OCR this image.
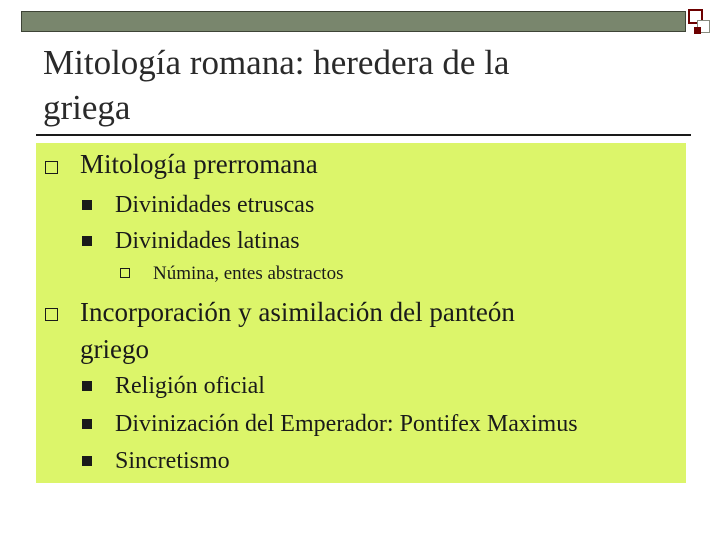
Mitología romana: heredera de la
griega
Mitología prerromana
Divinidades etruscas
Divinidades latinas
Númina, entes abstractos
Incorporación y asimilación del panteón
griego
Religión oficial
Divinización del Emperador: Pontifex Maximus
Sincretismo
